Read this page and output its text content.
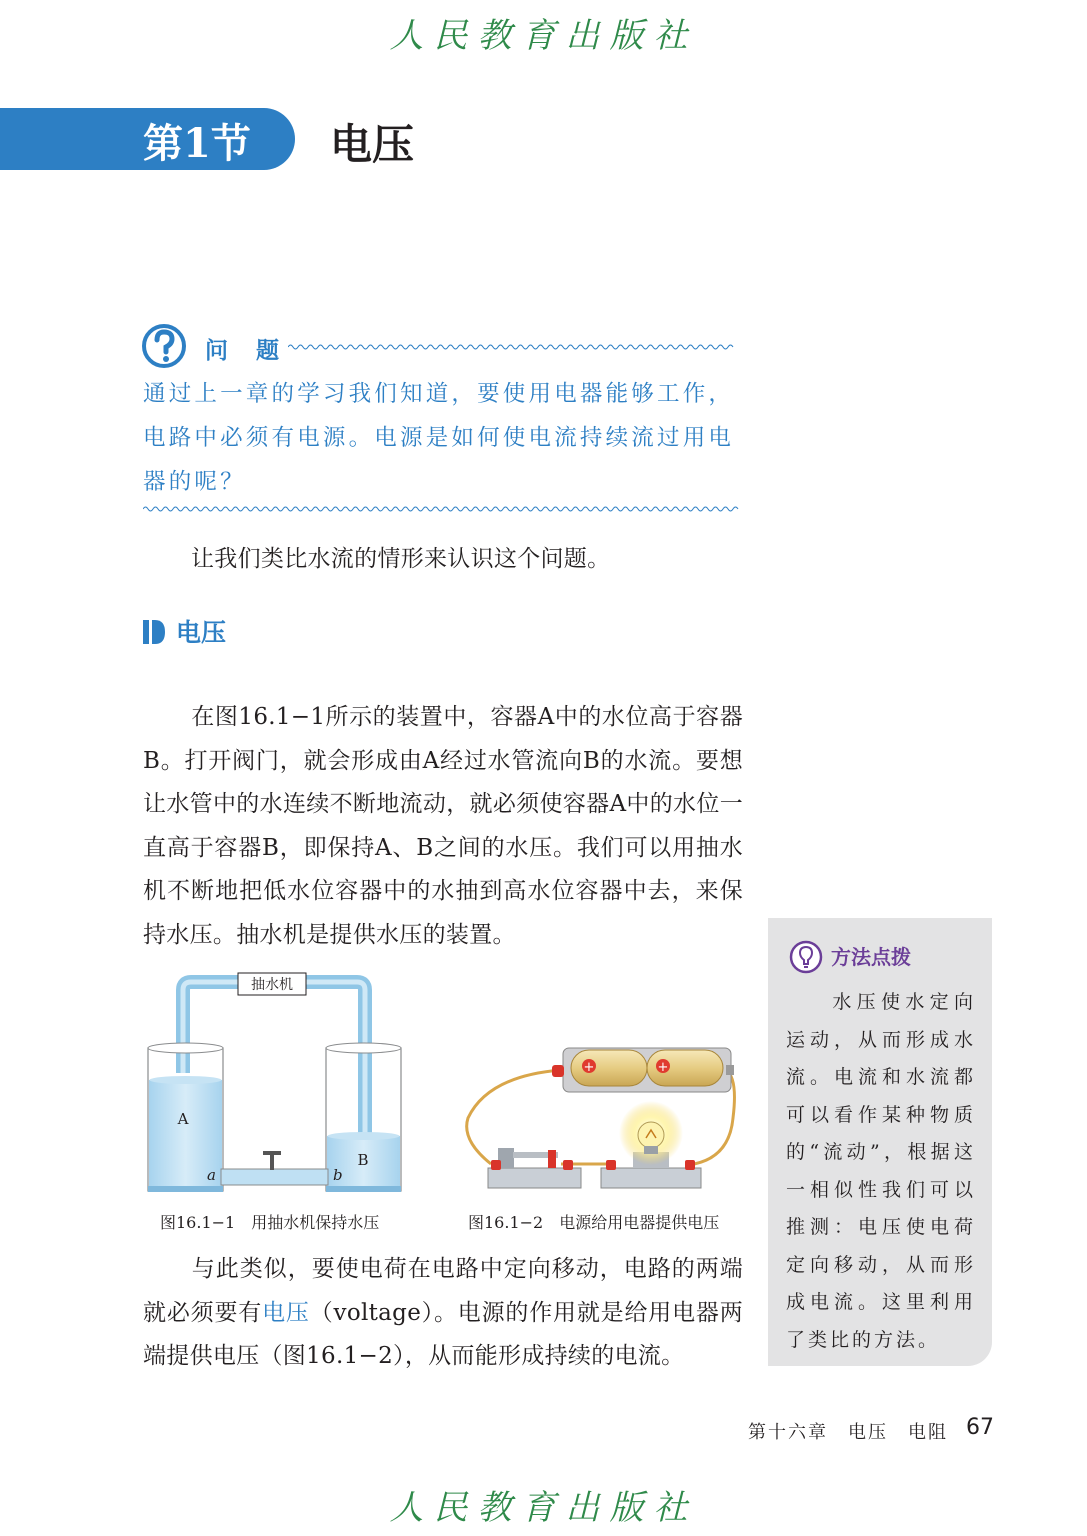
人民教育出版社
第1节 电压
问 题
通过上一章的学习我们知道，要使用电器能够工作，电路中必须有电源。电源是如何使电流持续流过用电器的呢？
让我们类比水流的情形来认识这个问题。
电压
在图16.1−1所示的装置中，容器A中的水位高于容器B。打开阀门，就会形成由A经过水管流向B的水流。要想让水管中的水连续不断地流动，就必须使容器A中的水位一直高于容器B，即保持A、B之间的水压。我们可以用抽水机不断地把低水位容器中的水抽到高水位容器中去，来保持水压。抽水机是提供水压的装置。
抽水机
A
B
a	b
+	+
图16.1−1　用抽水机保持水压	图16.1−2　电源给用电器提供电压
与此类似，要使电荷在电路中定向移动，电路的两端就必须要有电压（voltage）。电源的作用就是给用电器两端提供电压（图16.1−2），从而能形成持续的电流。
方法点拨
水压使水定向运动，从而形成水流。电流和水流都可以看作某种物质的“流动”，根据这一相似性我们可以推测：电压使电荷定向移动，从而形成电流。这里利用了类比的方法。
第十六章　电压　电阻 67
人民教育出版社
